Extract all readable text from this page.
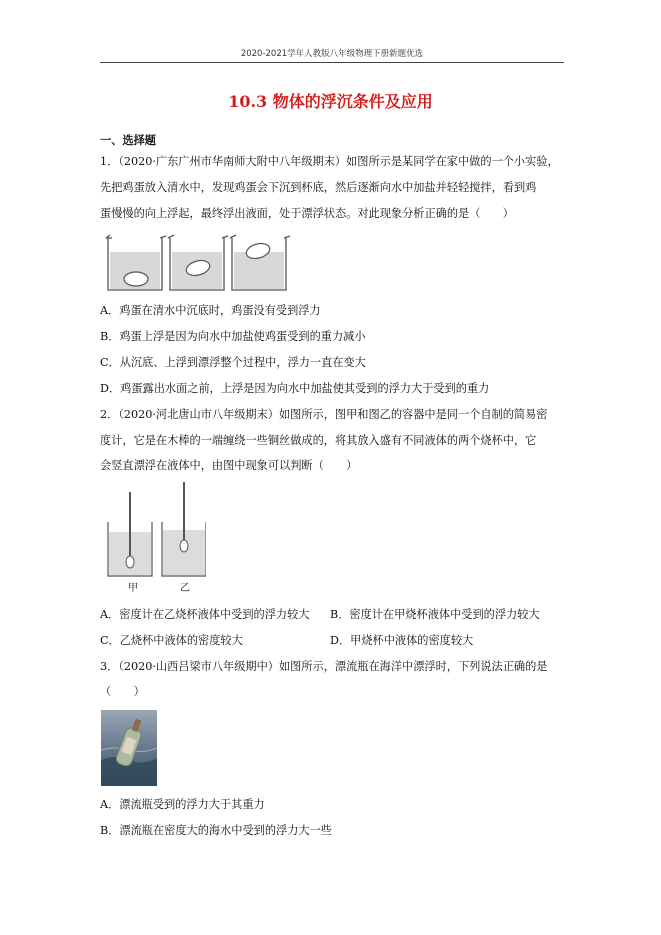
2020-2021学年人教版八年级物理下册新题优选
10.3 物体的浮沉条件及应用
一、选择题
1．（2020·广东广州市华南师大附中八年级期末）如图所示是某同学在家中做的一个小实验，
先把鸡蛋放入清水中，发现鸡蛋会下沉到杯底，然后逐渐向水中加盐并轻轻搅拌，看到鸡
蛋慢慢的向上浮起，最终浮出液面，处于漂浮状态。对此现象分析正确的是（　　）
A．鸡蛋在清水中沉底时，鸡蛋没有受到浮力
B．鸡蛋上浮是因为向水中加盐使鸡蛋受到的重力减小
C．从沉底、上浮到漂浮整个过程中，浮力一直在变大
D．鸡蛋露出水面之前，上浮是因为向水中加盐使其受到的浮力大于受到的重力
2．（2020·河北唐山市八年级期末）如图所示，图甲和图乙的容器中是同一个自制的简易密
度计，它是在木棒的一端缠绕一些铜丝做成的，将其放入盛有不同液体的两个烧杯中，它
会竖直漂浮在液体中，由图中现象可以判断（　　）
甲	乙
A．密度计在乙烧杯液体中受到的浮力较大 B．密度计在甲烧杯液体中受到的浮力较大
C．乙烧杯中液体的密度较大	D．甲烧杯中液体的密度较大
3．（2020·山西吕梁市八年级期中）如图所示，漂流瓶在海洋中漂浮时，下列说法正确的是
（　　）
A．漂流瓶受到的浮力大于其重力
B．漂流瓶在密度大的海水中受到的浮力大一些
